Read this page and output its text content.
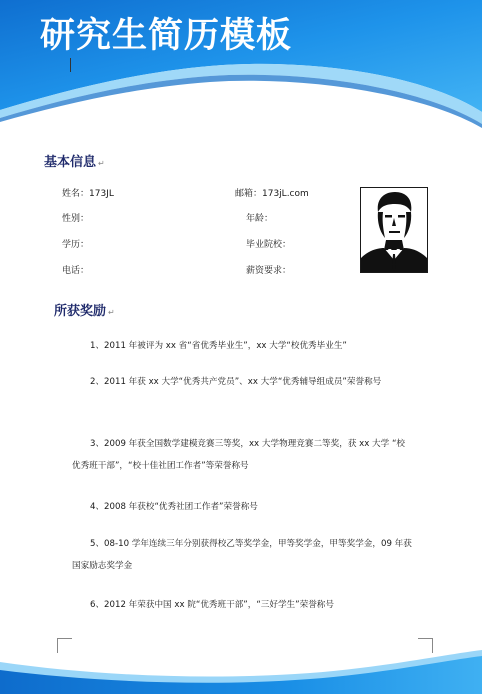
研究生简历模板
基本信息 ↵
姓名：173JL	邮箱：173jL.com
性别：	年龄：
学历：	毕业院校：
电话：	薪资要求：
所获奖励 ↵
1、2011 年被评为 xx 省“省优秀毕业生”，xx 大学“校优秀毕业生”
2、2011 年获 xx 大学“优秀共产党员”、xx 大学“优秀辅导组成员”荣誉称号
3、2009 年获全国数学建模竞赛三等奖，xx 大学物理竞赛二等奖，获 xx 大学 “校优秀班干部”，“校十佳社团工作者”等荣誉称号
4、2008 年获校“优秀社团工作者”荣誉称号
5、08-10 学年连续三年分别获得校乙等奖学金，甲等奖学金，甲等奖学金，09 年获国家励志奖学金
6、2012 年荣获中国 xx 院“优秀班干部”，“三好学生”荣誉称号
